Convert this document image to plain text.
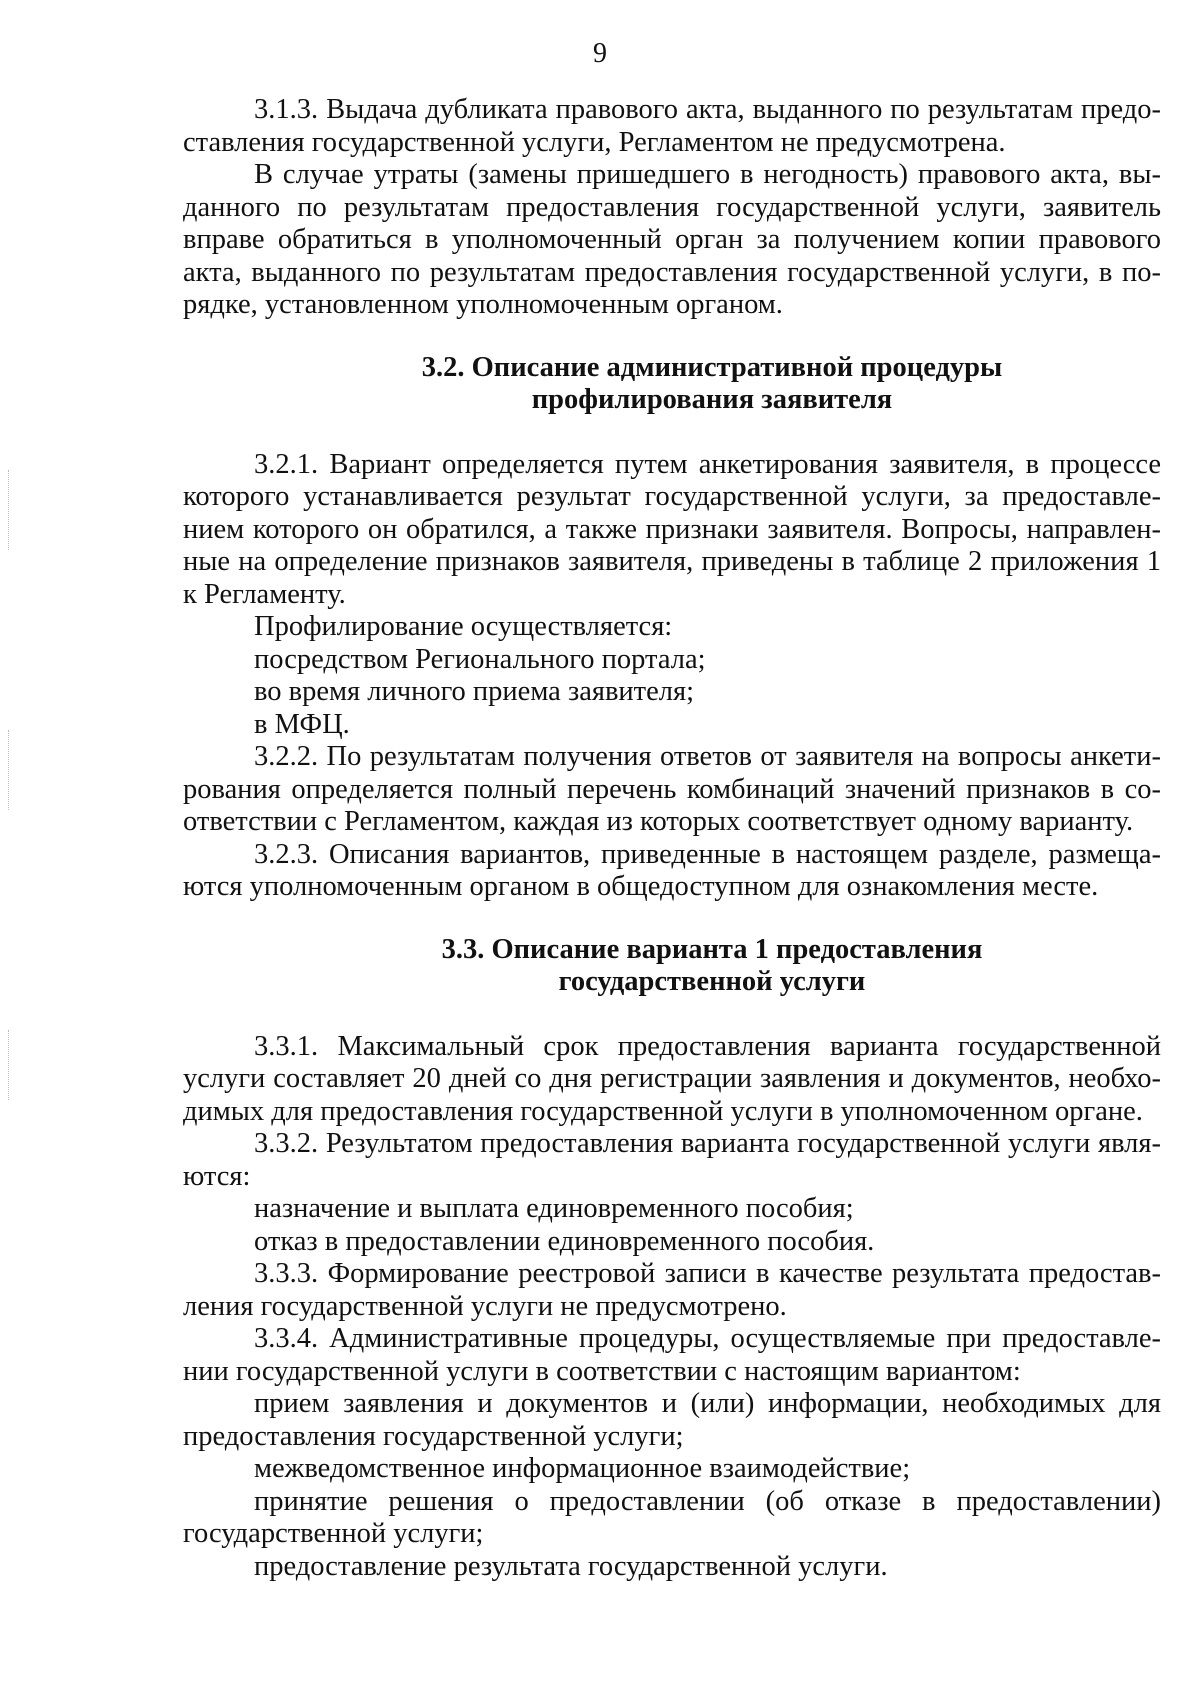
9

3.1.3. Выдача дубликата правового акта, выданного по результатам предоставления государственной услуги, Регламентом не предусмотрена.

В случае утраты (замены пришедшего в негодность) правового акта, выданного по результатам предоставления государственной услуги, заявитель вправе обратиться в уполномоченный орган за получением копии правового акта, выданного по результатам предоставления государственной услуги, в порядке, установленном уполномоченным органом.

3.2. Описание административной процедуры
профилирования заявителя

3.2.1. Вариант определяется путем анкетирования заявителя, в процессе которого устанавливается результат государственной услуги, за предоставлением которого он обратился, а также признаки заявителя. Вопросы, направленные на определение признаков заявителя, приведены в таблице 2 приложения 1 к Регламенту.

Профилирование осуществляется:

посредством Регионального портала;

во время личного приема заявителя;

в МФЦ.

3.2.2. По результатам получения ответов от заявителя на вопросы анкетирования определяется полный перечень комбинаций значений признаков в соответствии с Регламентом, каждая из которых соответствует одному варианту.

3.2.3. Описания вариантов, приведенные в настоящем разделе, размещаются уполномоченным органом в общедоступном для ознакомления месте.

3.3. Описание варианта 1 предоставления
государственной услуги

3.3.1. Максимальный срок предоставления варианта государственной услуги составляет 20 дней со дня регистрации заявления и документов, необходимых для предоставления государственной услуги в уполномоченном органе.

3.3.2. Результатом предоставления варианта государственной услуги являются:

назначение и выплата единовременного пособия;

отказ в предоставлении единовременного пособия.

3.3.3. Формирование реестровой записи в качестве результата предоставления государственной услуги не предусмотрено.

3.3.4. Административные процедуры, осуществляемые при предоставлении государственной услуги в соответствии с настоящим вариантом:

прием заявления и документов и (или) информации, необходимых для предоставления государственной услуги;

межведомственное информационное взаимодействие;

принятие решения о предоставлении (об отказе в предоставлении) государственной услуги;

предоставление результата государственной услуги.
